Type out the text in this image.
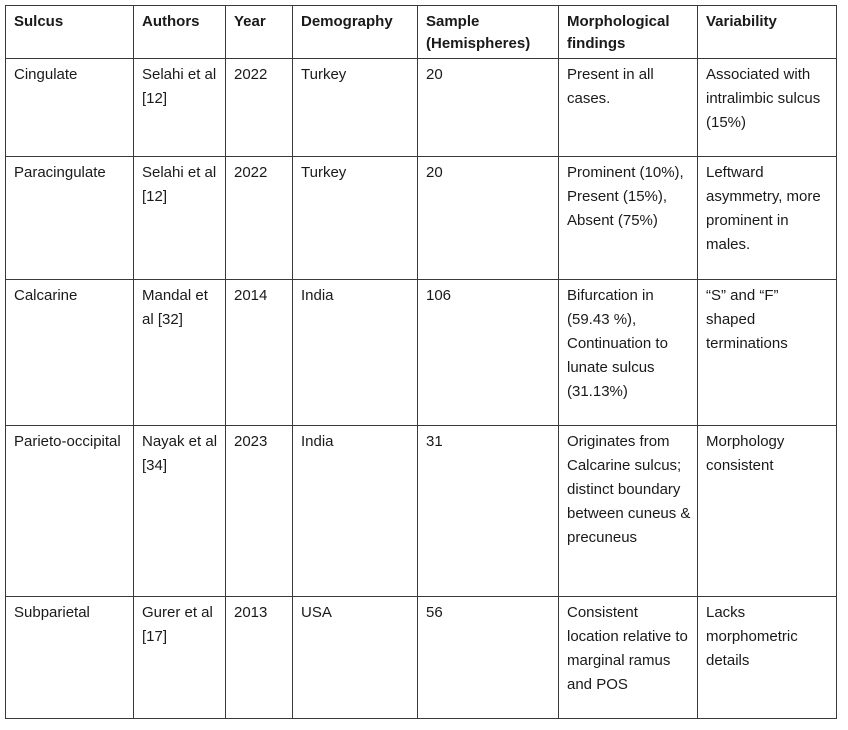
Sulcus	Authors	Year	Demography	Sample (Hemispheres)	Morphological findings	Variability
Cingulate	Selahi et al [12]	2022	Turkey	20	Present in all cases.	Associated with intralimbic sulcus (15%)
Paracingulate	Selahi et al [12]	2022	Turkey	20	Prominent (10%), Present (15%), Absent (75%)	Leftward asymmetry, more prominent in males.
Calcarine	Mandal et al [32]	2014	India	106	Bifurcation in (59.43 %), Continuation to lunate sulcus (31.13%)	“S” and “F” shaped terminations
Parieto-occipital	Nayak et al [34]	2023	India	31	Originates from Calcarine sulcus; distinct boundary between cuneus & precuneus	Morphology consistent
Subparietal	Gurer et al [17]	2013	USA	56	Consistent location relative to marginal ramus and POS	Lacks morphometric details
